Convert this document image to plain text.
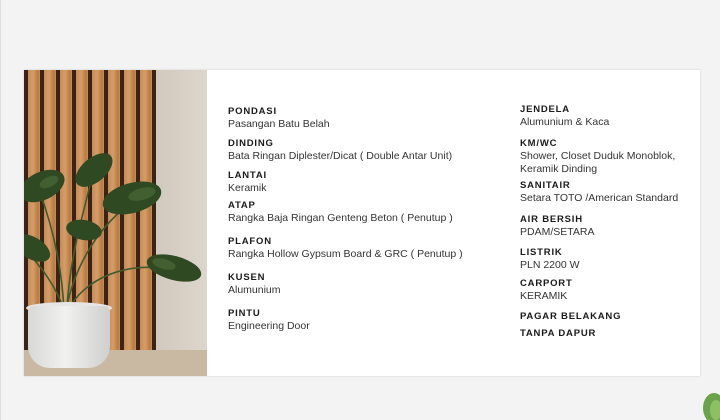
PONDASI
Pasangan Batu Belah
DINDING
Bata Ringan Diplester/Dicat ( Double Antar Unit)
LANTAI
Keramik
ATAP
Rangka Baja Ringan Genteng Beton ( Penutup )
PLAFON
Rangka Hollow Gypsum Board & GRC ( Penutup )
KUSEN
Alumunium
PINTU
Engineering Door
JENDELA
Alumunium & Kaca
KM/WC
Shower, Closet Duduk Monoblok,
Keramik Dinding
SANITAIR
Setara TOTO /American Standard
AIR BERSIH
PDAM/SETARA
LISTRIK
PLN 2200 W
CARPORT
KERAMIK
PAGAR BELAKANG
TANPA DAPUR
